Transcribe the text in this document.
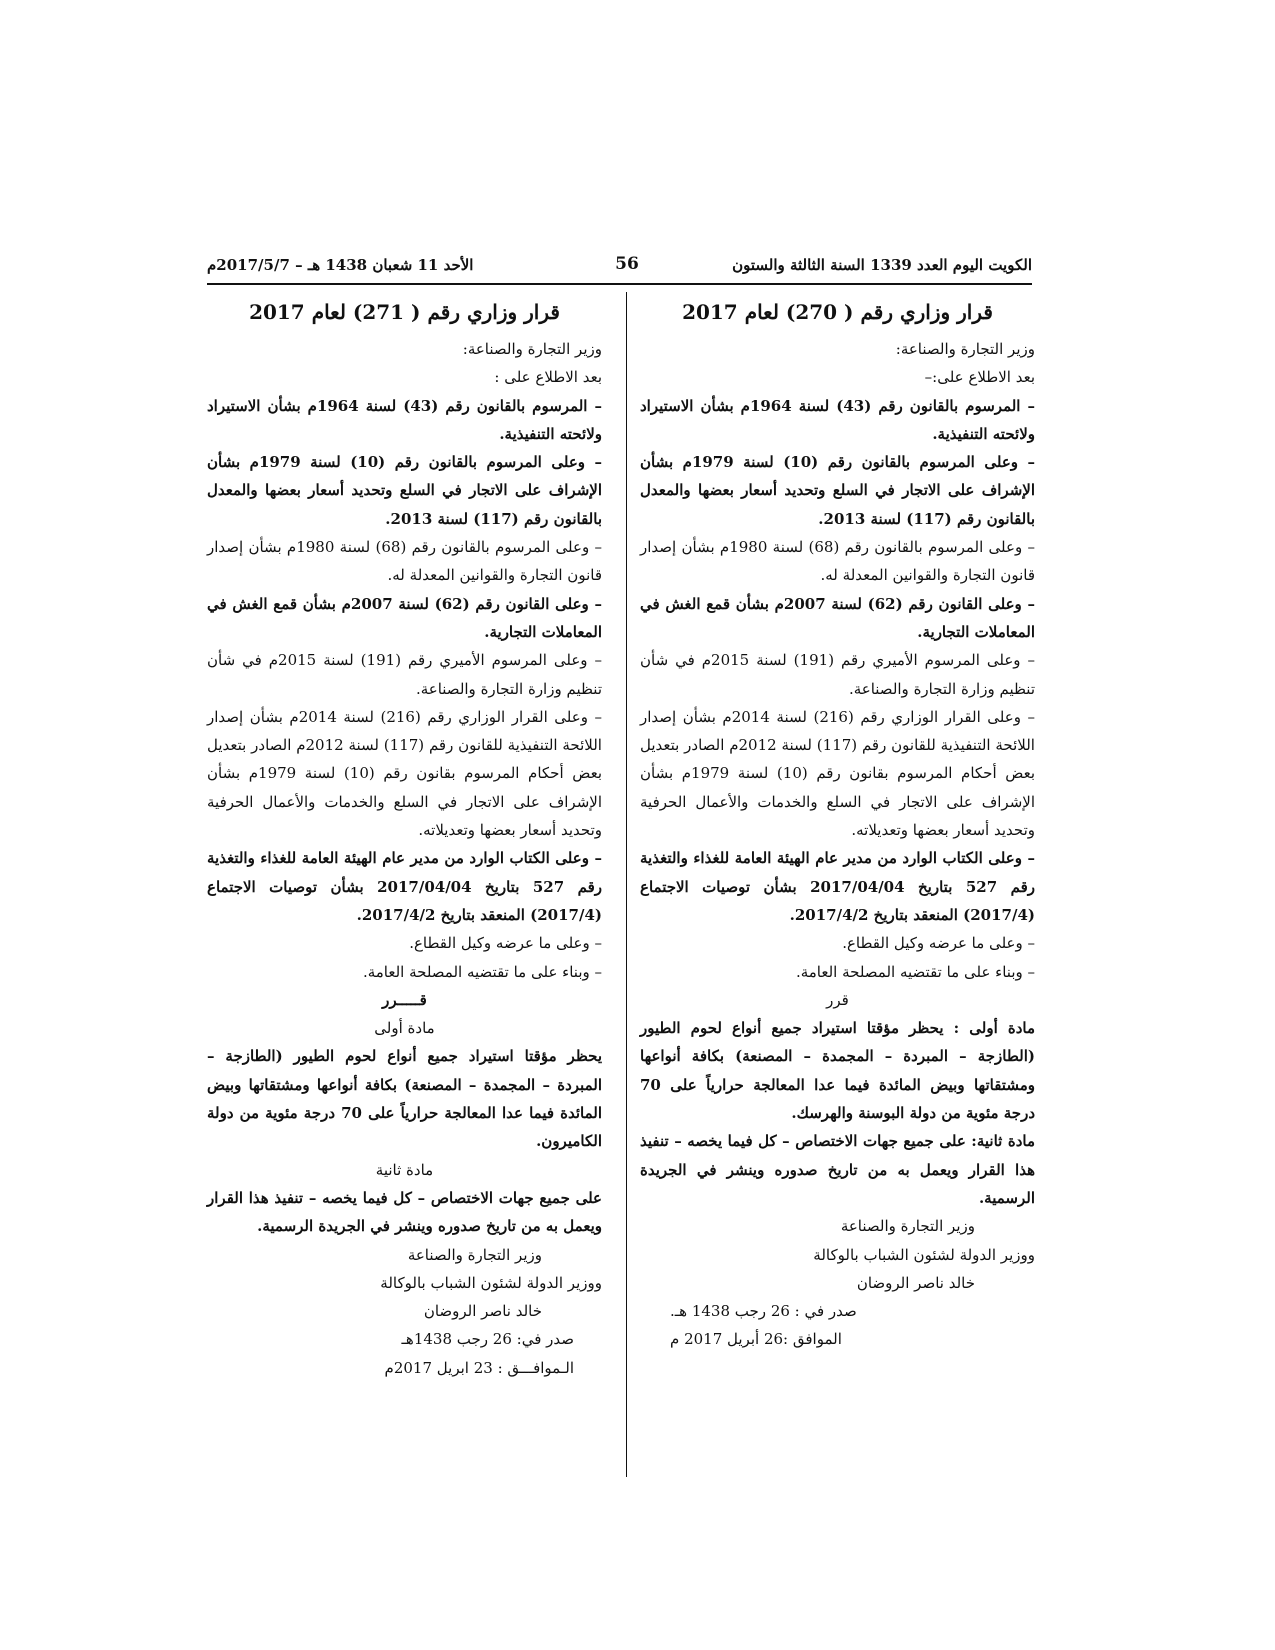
الكويت اليوم العدد 1339 السنة الثالثة والستون
56
الأحد 11 شعبان 1438 هـ – 2017/5/7م
قرار وزاري رقم ( 270) لعام 2017

وزير التجارة والصناعة:

بعد الاطلاع على:–

– المرسوم بالقانون رقم (43) لسنة 1964م بشأن الاستيراد ولائحته التنفيذية.

– وعلى المرسوم بالقانون رقم (10) لسنة 1979م بشأن الإشراف على الاتجار في السلع وتحديد أسعار بعضها والمعدل بالقانون رقم (117) لسنة 2013.

– وعلى المرسوم بالقانون رقم (68) لسنة 1980م بشأن إصدار قانون التجارة والقوانين المعدلة له.

– وعلى القانون رقم (62) لسنة 2007م بشأن قمع الغش في المعاملات التجارية.

– وعلى المرسوم الأميري رقم (191) لسنة 2015م في شأن تنظيم وزارة التجارة والصناعة.

– وعلى القرار الوزاري رقم (216) لسنة 2014م بشأن إصدار اللائحة التنفيذية للقانون رقم (117) لسنة 2012م الصادر بتعديل بعض أحكام المرسوم بقانون رقم (10) لسنة 1979م بشأن الإشراف على الاتجار في السلع والخدمات والأعمال الحرفية وتحديد أسعار بعضها وتعديلاته.

– وعلى الكتاب الوارد من مدير عام الهيئة العامة للغذاء والتغذية رقم 527 بتاريخ 2017/04/04 بشأن توصيات الاجتماع (2017/4) المنعقد بتاريخ 2017/4/2.

– وعلى ما عرضه وكيل القطاع.

– وبناء على ما تقتضيه المصلحة العامة.

قرر

مادة أولى : يحظر مؤقتا استيراد جميع أنواع لحوم الطيور (الطازجة – المبردة – المجمدة – المصنعة) بكافة أنواعها ومشتقاتها وبيض المائدة فيما عدا المعالجة حرارياً على 70 درجة مئوية من دولة البوسنة والهرسك.

مادة ثانية: على جميع جهات الاختصاص – كل فيما يخصه – تنفيذ هذا القرار ويعمل به من تاريخ صدوره وينشر في الجريدة الرسمية.

وزير التجارة والصناعة

ووزير الدولة لشئون الشباب بالوكالة

خالد ناصر الروضان

صدر في : 26 رجب 1438 هـ.

الموافق :26 أبريل 2017 م

قرار وزاري رقم ( 271) لعام 2017

وزير التجارة والصناعة:

بعد الاطلاع على :

– المرسوم بالقانون رقم (43) لسنة 1964م بشأن الاستيراد ولائحته التنفيذية.

– وعلى المرسوم بالقانون رقم (10) لسنة 1979م بشأن الإشراف على الاتجار في السلع وتحديد أسعار بعضها والمعدل بالقانون رقم (117) لسنة 2013.

– وعلى المرسوم بالقانون رقم (68) لسنة 1980م بشأن إصدار قانون التجارة والقوانين المعدلة له.

– وعلى القانون رقم (62) لسنة 2007م بشأن قمع الغش في المعاملات التجارية.

– وعلى المرسوم الأميري رقم (191) لسنة 2015م في شأن تنظيم وزارة التجارة والصناعة.

– وعلى القرار الوزاري رقم (216) لسنة 2014م بشأن إصدار اللائحة التنفيذية للقانون رقم (117) لسنة 2012م الصادر بتعديل بعض أحكام المرسوم بقانون رقم (10) لسنة 1979م بشأن الإشراف على الاتجار في السلع والخدمات والأعمال الحرفية وتحديد أسعار بعضها وتعديلاته.

– وعلى الكتاب الوارد من مدير عام الهيئة العامة للغذاء والتغذية رقم 527 بتاريخ 2017/04/04 بشأن توصيات الاجتماع (2017/4) المنعقد بتاريخ 2017/4/2.

– وعلى ما عرضه وكيل القطاع.

– وبناء على ما تقتضيه المصلحة العامة.

قـــــرر

مادة أولى

يحظر مؤقتا استيراد جميع أنواع لحوم الطيور (الطازجة – المبردة – المجمدة – المصنعة) بكافة أنواعها ومشتقاتها وبيض المائدة فيما عدا المعالجة حرارياً على 70 درجة مئوية من دولة الكاميرون.

مادة ثانية

على جميع جهات الاختصاص – كل فيما يخصه – تنفيذ هذا القرار ويعمل به من تاريخ صدوره وينشر في الجريدة الرسمية.

وزير التجارة والصناعة

ووزير الدولة لشئون الشباب بالوكالة

خالد ناصر الروضان

صدر في: 26 رجب 1438هـ

الـموافـــق : 23 ابريل 2017م
